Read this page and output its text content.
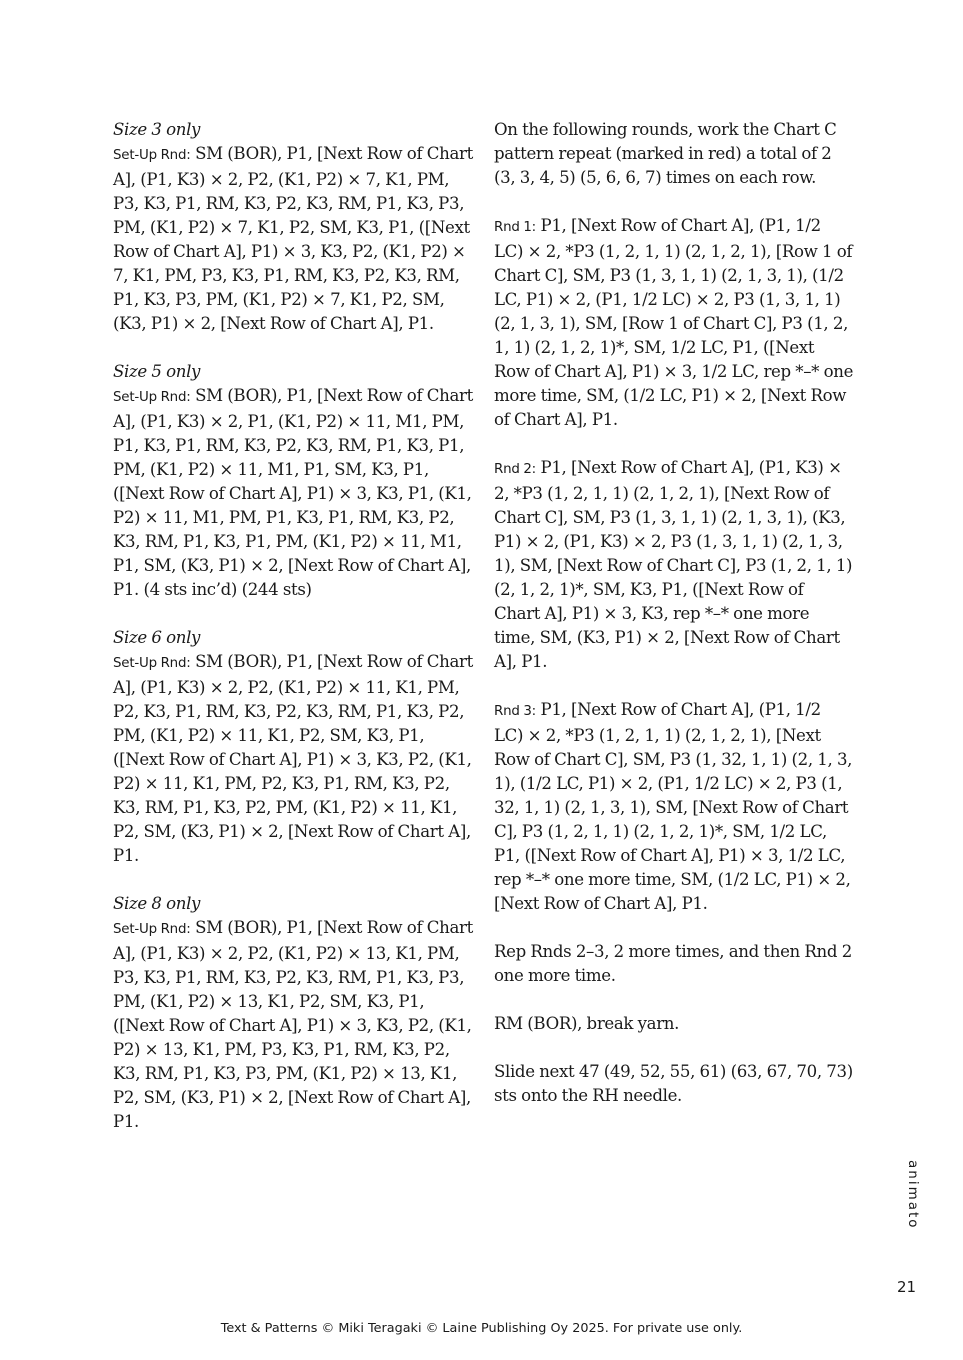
Size 3 only
Set-Up Rnd: SM (BOR), P1, [Next Row of Chart A], (P1, K3) × 2, P2, (K1, P2) × 7, K1, PM, P3, K3, P1, RM, K3, P2, K3, RM, P1, K3, P3, PM, (K1, P2) × 7, K1, P2, SM, K3, P1, ([Next Row of Chart A], P1) × 3, K3, P2, (K1, P2) × 7, K1, PM, P3, K3, P1, RM, K3, P2, K3, RM, P1, K3, P3, PM, (K1, P2) × 7, K1, P2, SM, (K3, P1) × 2, [Next Row of Chart A], P1.

Size 5 only
Set-Up Rnd: SM (BOR), P1, [Next Row of Chart A], (P1, K3) × 2, P1, (K1, P2) × 11, M1, PM, P1, K3, P1, RM, K3, P2, K3, RM, P1, K3, P1, PM, (K1, P2) × 11, M1, P1, SM, K3, P1, ([Next Row of Chart A], P1) × 3, K3, P1, (K1, P2) × 11, M1, PM, P1, K3, P1, RM, K3, P2, K3, RM, P1, K3, P1, PM, (K1, P2) × 11, M1, P1, SM, (K3, P1) × 2, [Next Row of Chart A], P1. (4 sts inc’d) (244 sts)

Size 6 only
Set-Up Rnd: SM (BOR), P1, [Next Row of Chart A], (P1, K3) × 2, P2, (K1, P2) × 11, K1, PM, P2, K3, P1, RM, K3, P2, K3, RM, P1, K3, P2, PM, (K1, P2) × 11, K1, P2, SM, K3, P1, ([Next Row of Chart A], P1) × 3, K3, P2, (K1, P2) × 11, K1, PM, P2, K3, P1, RM, K3, P2, K3, RM, P1, K3, P2, PM, (K1, P2) × 11, K1, P2, SM, (K3, P1) × 2, [Next Row of Chart A], P1.

Size 8 only
Set-Up Rnd: SM (BOR), P1, [Next Row of Chart A], (P1, K3) × 2, P2, (K1, P2) × 13, K1, PM, P3, K3, P1, RM, K3, P2, K3, RM, P1, K3, P3, PM, (K1, P2) × 13, K1, P2, SM, K3, P1, ([Next Row of Chart A], P1) × 3, K3, P2, (K1, P2) × 13, K1, PM, P3, K3, P1, RM, K3, P2, K3, RM, P1, K3, P3, PM, (K1, P2) × 13, K1, P2, SM, (K3, P1) × 2, [Next Row of Chart A], P1.

On the following rounds, work the Chart C pattern repeat (marked in red) a total of 2 (3, 3, 4, 5) (5, 6, 6, 7) times on each row.

Rnd 1: P1, [Next Row of Chart A], (P1, 1/2 LC) × 2, *P3 (1, 2, 1, 1) (2, 1, 2, 1), [Row 1 of Chart C], SM, P3 (1, 3, 1, 1) (2, 1, 3, 1), (1/2 LC, P1) × 2, (P1, 1/2 LC) × 2, P3 (1, 3, 1, 1) (2, 1, 3, 1), SM, [Row 1 of Chart C], P3 (1, 2, 1, 1) (2, 1, 2, 1)*, SM, 1/2 LC, P1, ([Next Row of Chart A], P1) × 3, 1/2 LC, rep *–* one more time, SM, (1/2 LC, P1) × 2, [Next Row of Chart A], P1.

Rnd 2: P1, [Next Row of Chart A], (P1, K3) × 2, *P3 (1, 2, 1, 1) (2, 1, 2, 1), [Next Row of Chart C], SM, P3 (1, 3, 1, 1) (2, 1, 3, 1), (K3, P1) × 2, (P1, K3) × 2, P3 (1, 3, 1, 1) (2, 1, 3, 1), SM, [Next Row of Chart C], P3 (1, 2, 1, 1) (2, 1, 2, 1)*, SM, K3, P1, ([Next Row of Chart A], P1) × 3, K3, rep *–* one more time, SM, (K3, P1) × 2, [Next Row of Chart A], P1.

Rnd 3: P1, [Next Row of Chart A], (P1, 1/2 LC) × 2, *P3 (1, 2, 1, 1) (2, 1, 2, 1), [Next Row of Chart C], SM, P3 (1, 32, 1, 1) (2, 1, 3, 1), (1/2 LC, P1) × 2, (P1, 1/2 LC) × 2, P3 (1, 32, 1, 1) (2, 1, 3, 1), SM, [Next Row of Chart C], P3 (1, 2, 1, 1) (2, 1, 2, 1)*, SM, 1/2 LC, P1, ([Next Row of Chart A], P1) × 3, 1/2 LC, rep *–* one more time, SM, (1/2 LC, P1) × 2, [Next Row of Chart A], P1.

Rep Rnds 2–3, 2 more times, and then Rnd 2 one more time.

RM (BOR), break yarn.

Slide next 47 (49, 52, 55, 61) (63, 67, 70, 73) sts onto the RH needle.

animato
21
Text & Patterns © Miki Teragaki © Laine Publishing Oy 2025. For private use only.
